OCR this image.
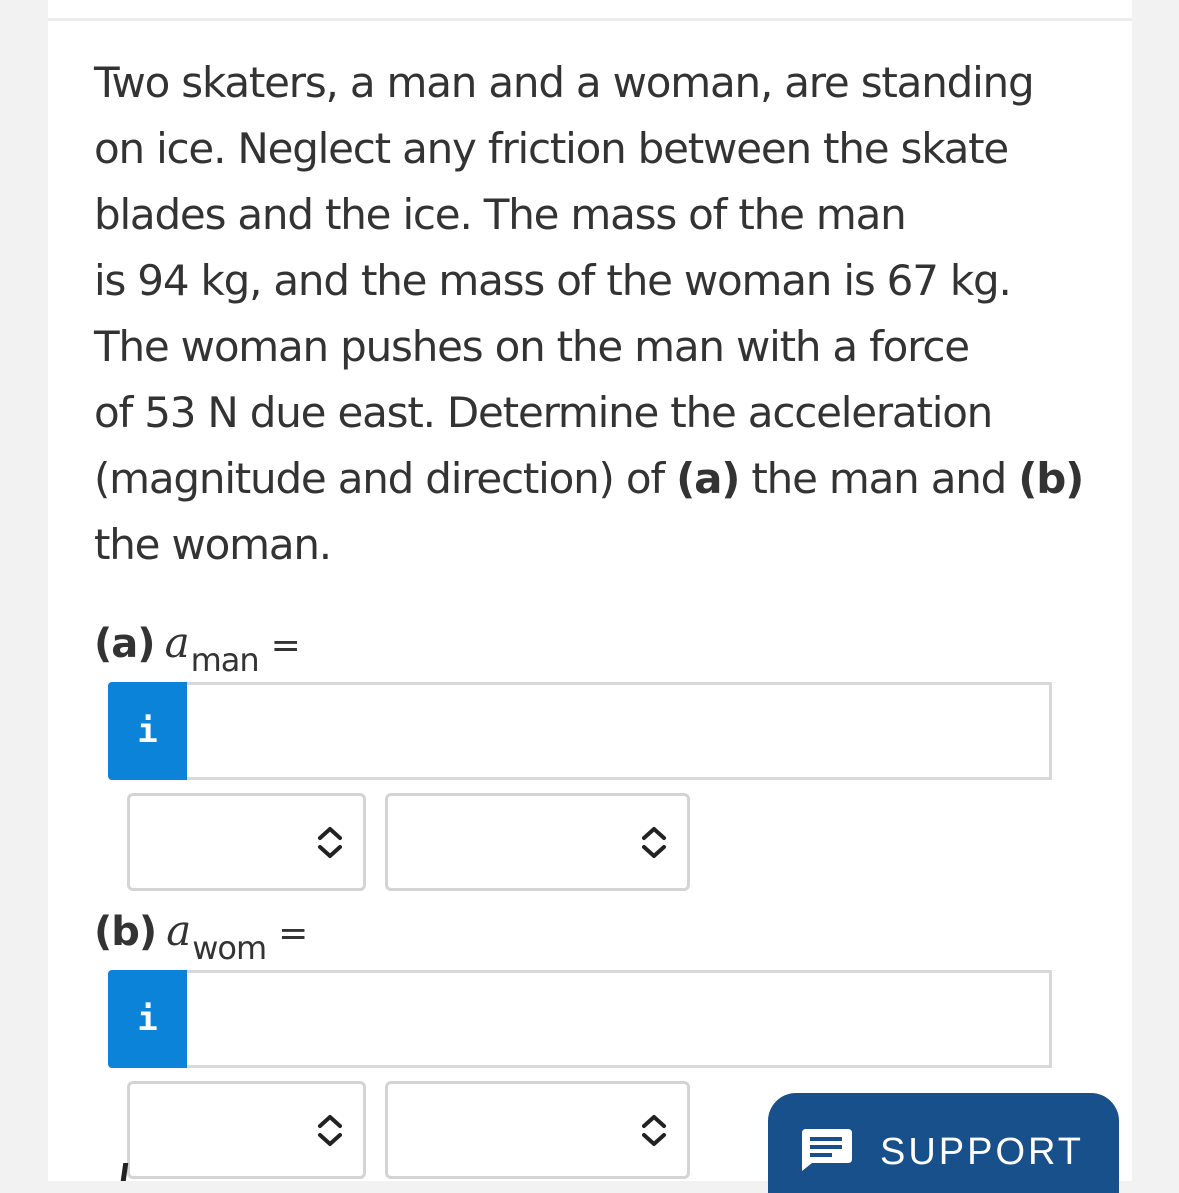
Two skaters, a man and a woman, are standing
on ice. Neglect any friction between the skate
blades and the ice. The mass of the man
is 94 kg, and the mass of the woman is 67 kg.
The woman pushes on the man with a force
of 53 N due east. Determine the acceleration
(magnitude and direction) of (a) the man and (b)
the woman.
(a) $a_{man}$ =
i
(b) $a_{wom}$ =
i
SUPPORT
